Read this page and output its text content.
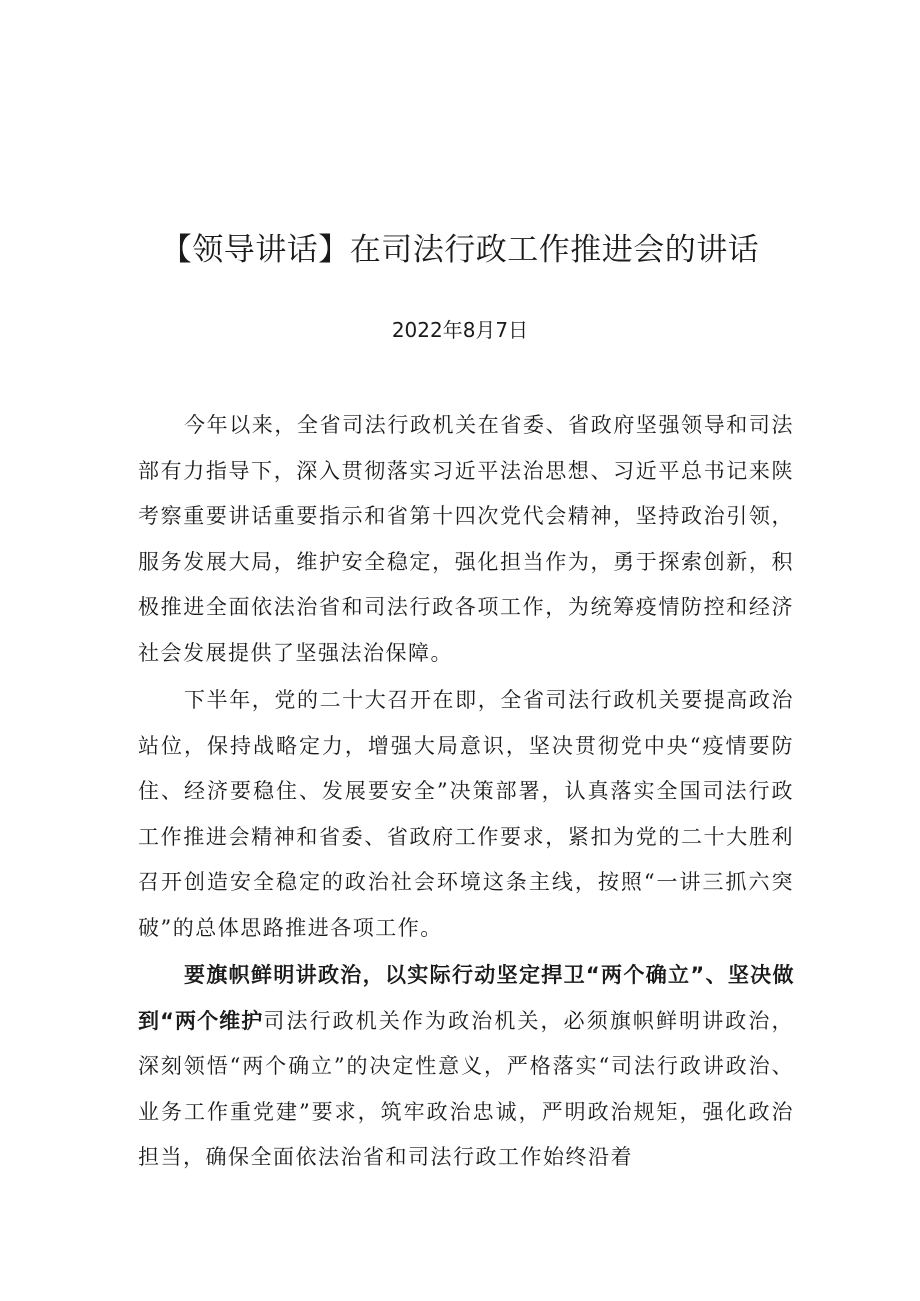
【领导讲话】在司法行政工作推进会的讲话
2022年8月7日

今年以来，全省司法行政机关在省委、省政府坚强领导和司法部有力指导下，深入贯彻落实习近平法治思想、习近平总书记来陕考察重要讲话重要指示和省第十四次党代会精神，坚持政治引领，服务发展大局，维护安全稳定，强化担当作为，勇于探索创新，积极推进全面依法治省和司法行政各项工作，为统筹疫情防控和经济社会发展提供了坚强法治保障。

下半年，党的二十大召开在即，全省司法行政机关要提高政治站位，保持战略定力，增强大局意识，坚决贯彻党中央“疫情要防住、经济要稳住、发展要安全”决策部署，认真落实全国司法行政工作推进会精神和省委、省政府工作要求，紧扣为党的二十大胜利召开创造安全稳定的政治社会环境这条主线，按照“一讲三抓六突破”的总体思路推进各项工作。

要旗帜鲜明讲政治，以实际行动坚定捍卫“两个确立”、坚决做到“两个维护司法行政机关作为政治机关，必须旗帜鲜明讲政治，深刻领悟“两个确立”的决定性意义，严格落实“司法行政讲政治、业务工作重党建”要求，筑牢政治忠诚，严明政治规矩，强化政治担当，确保全面依法治省和司法行政工作始终沿着
